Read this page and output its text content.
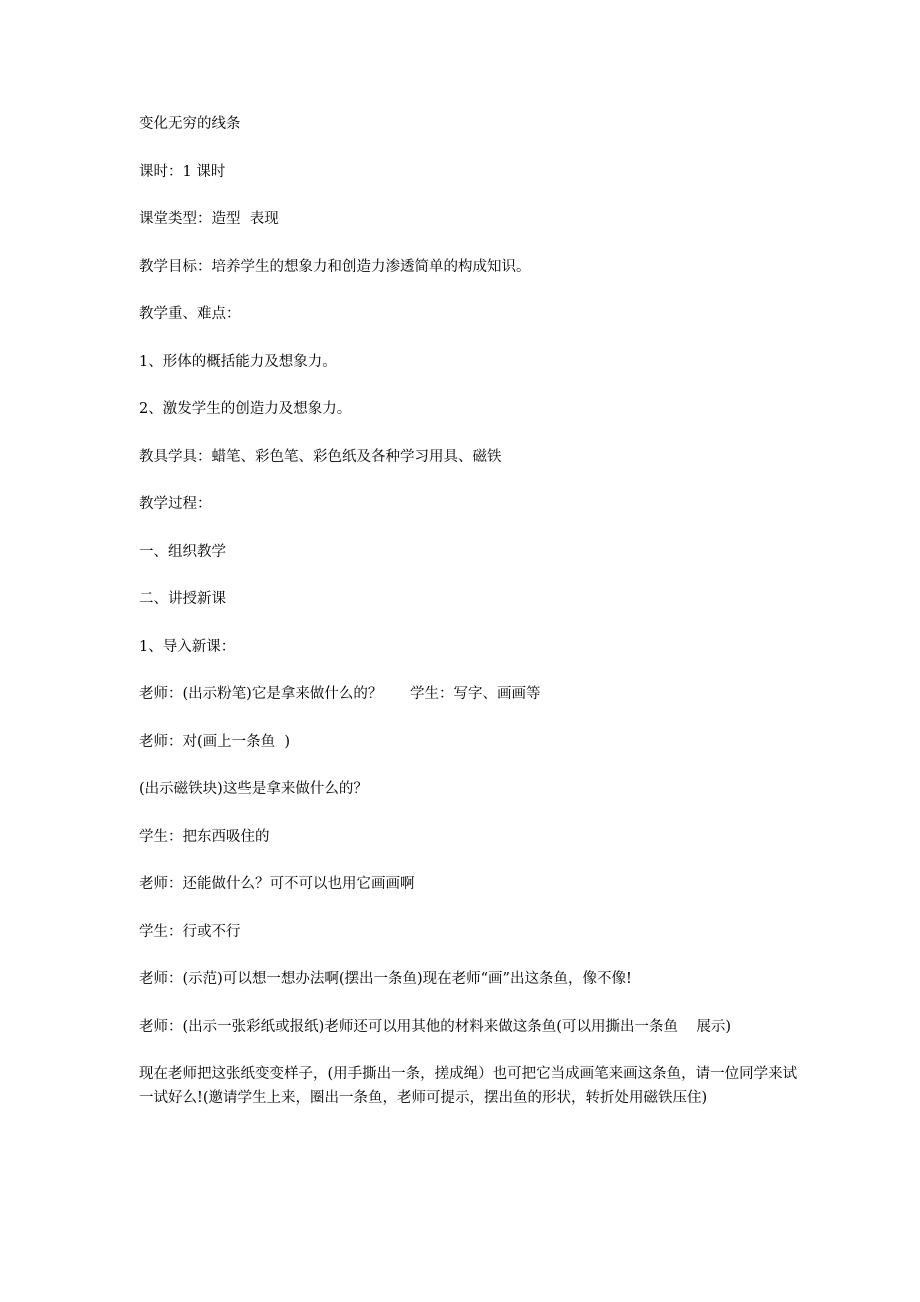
变化无穷的线条

课时：1 课时

课堂类型：造型  表现

教学目标：培养学生的想象力和创造力渗透简单的构成知识。

教学重、难点：

1、形体的概括能力及想象力。

2、激发学生的创造力及想象力。

教具学具：蜡笔、彩色笔、彩色纸及各种学习用具、磁铁

教学过程：

一、组织教学

二、讲授新课

1、导入新课：

老师：(出示粉笔)它是拿来做什么的？      学生：写字、画画等

老师：对(画上一条鱼  )

(出示磁铁块)这些是拿来做什么的？

学生：把东西吸住的

老师：还能做什么？可不可以也用它画画啊

学生：行或不行

老师：(示范)可以想一想办法啊(摆出一条鱼)现在老师“画”出这条鱼，像不像!

老师：(出示一张彩纸或报纸)老师还可以用其他的材料来做这条鱼(可以用撕出一条鱼    展示)

现在老师把这张纸变变样子，(用手撕出一条，搓成绳）也可把它当成画笔来画这条鱼，请一位同学来试一试好么!(邀请学生上来，圈出一条鱼，老师可提示，摆出鱼的形状，转折处用磁铁压住)
